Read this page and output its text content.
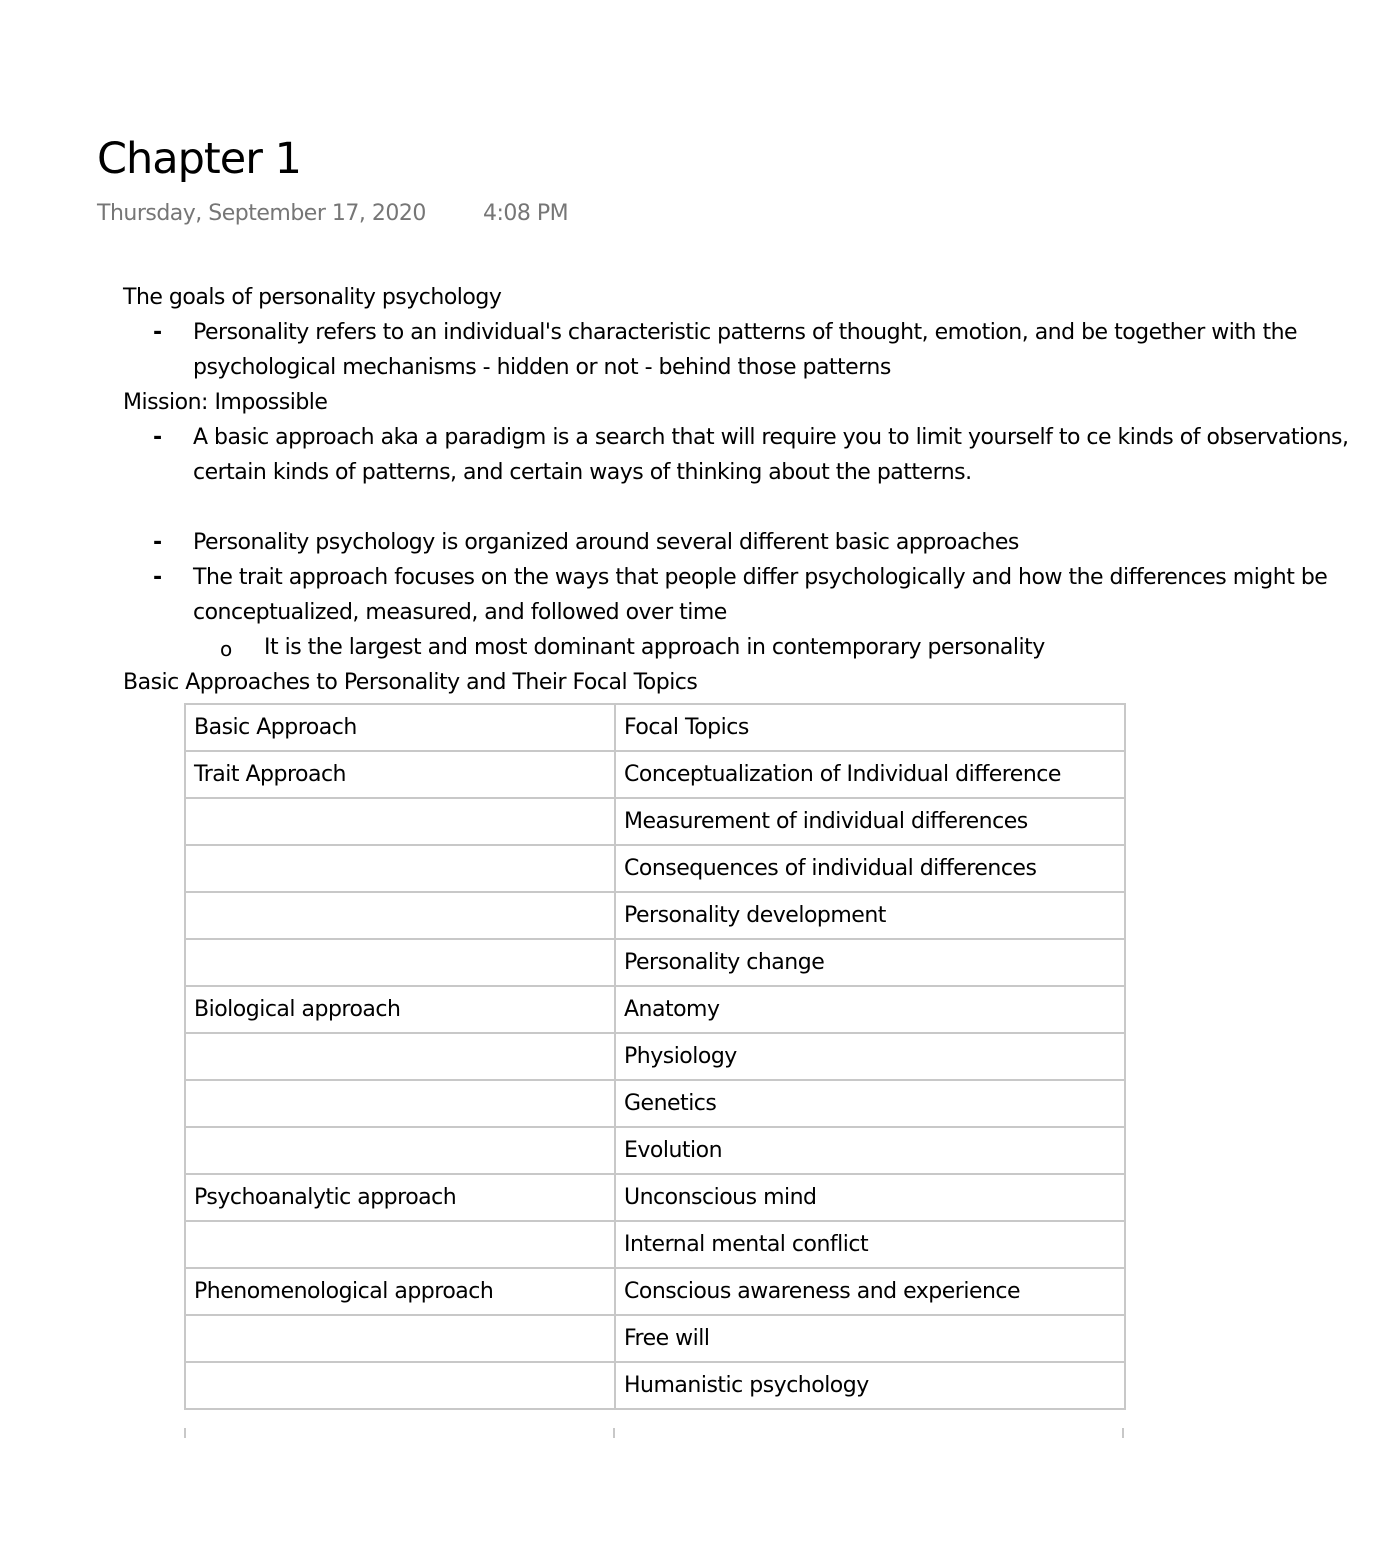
Chapter 1
Thursday, September 17, 2020	4:08 PM

The goals of personality psychology

- Personality refers to an individual's characteristic patterns of thought, emotion, and be together with the psychological mechanisms - hidden or not - behind those patterns

Mission: Impossible

- A basic approach aka a paradigm is a search that will require you to limit yourself to ce kinds of observations, certain kinds of patterns, and certain ways of thinking about the patterns.
- Personality psychology is organized around several different basic approaches
- The trait approach focuses on the ways that people differ psychologically and how the differences might be conceptualized, measured, and followed over time
o It is the largest and most dominant approach in contemporary personality

Basic Approaches to Personality and Their Focal Topics

Basic Approach	Focal Topics
Trait Approach	Conceptualization of Individual difference
	Measurement of individual differences
	Consequences of individual differences
	Personality development
	Personality change
Biological approach	Anatomy
	Physiology
	Genetics
	Evolution
Psychoanalytic approach	Unconscious mind
	Internal mental conflict
Phenomenological approach	Conscious awareness and experience
	Free will
	Humanistic psychology
